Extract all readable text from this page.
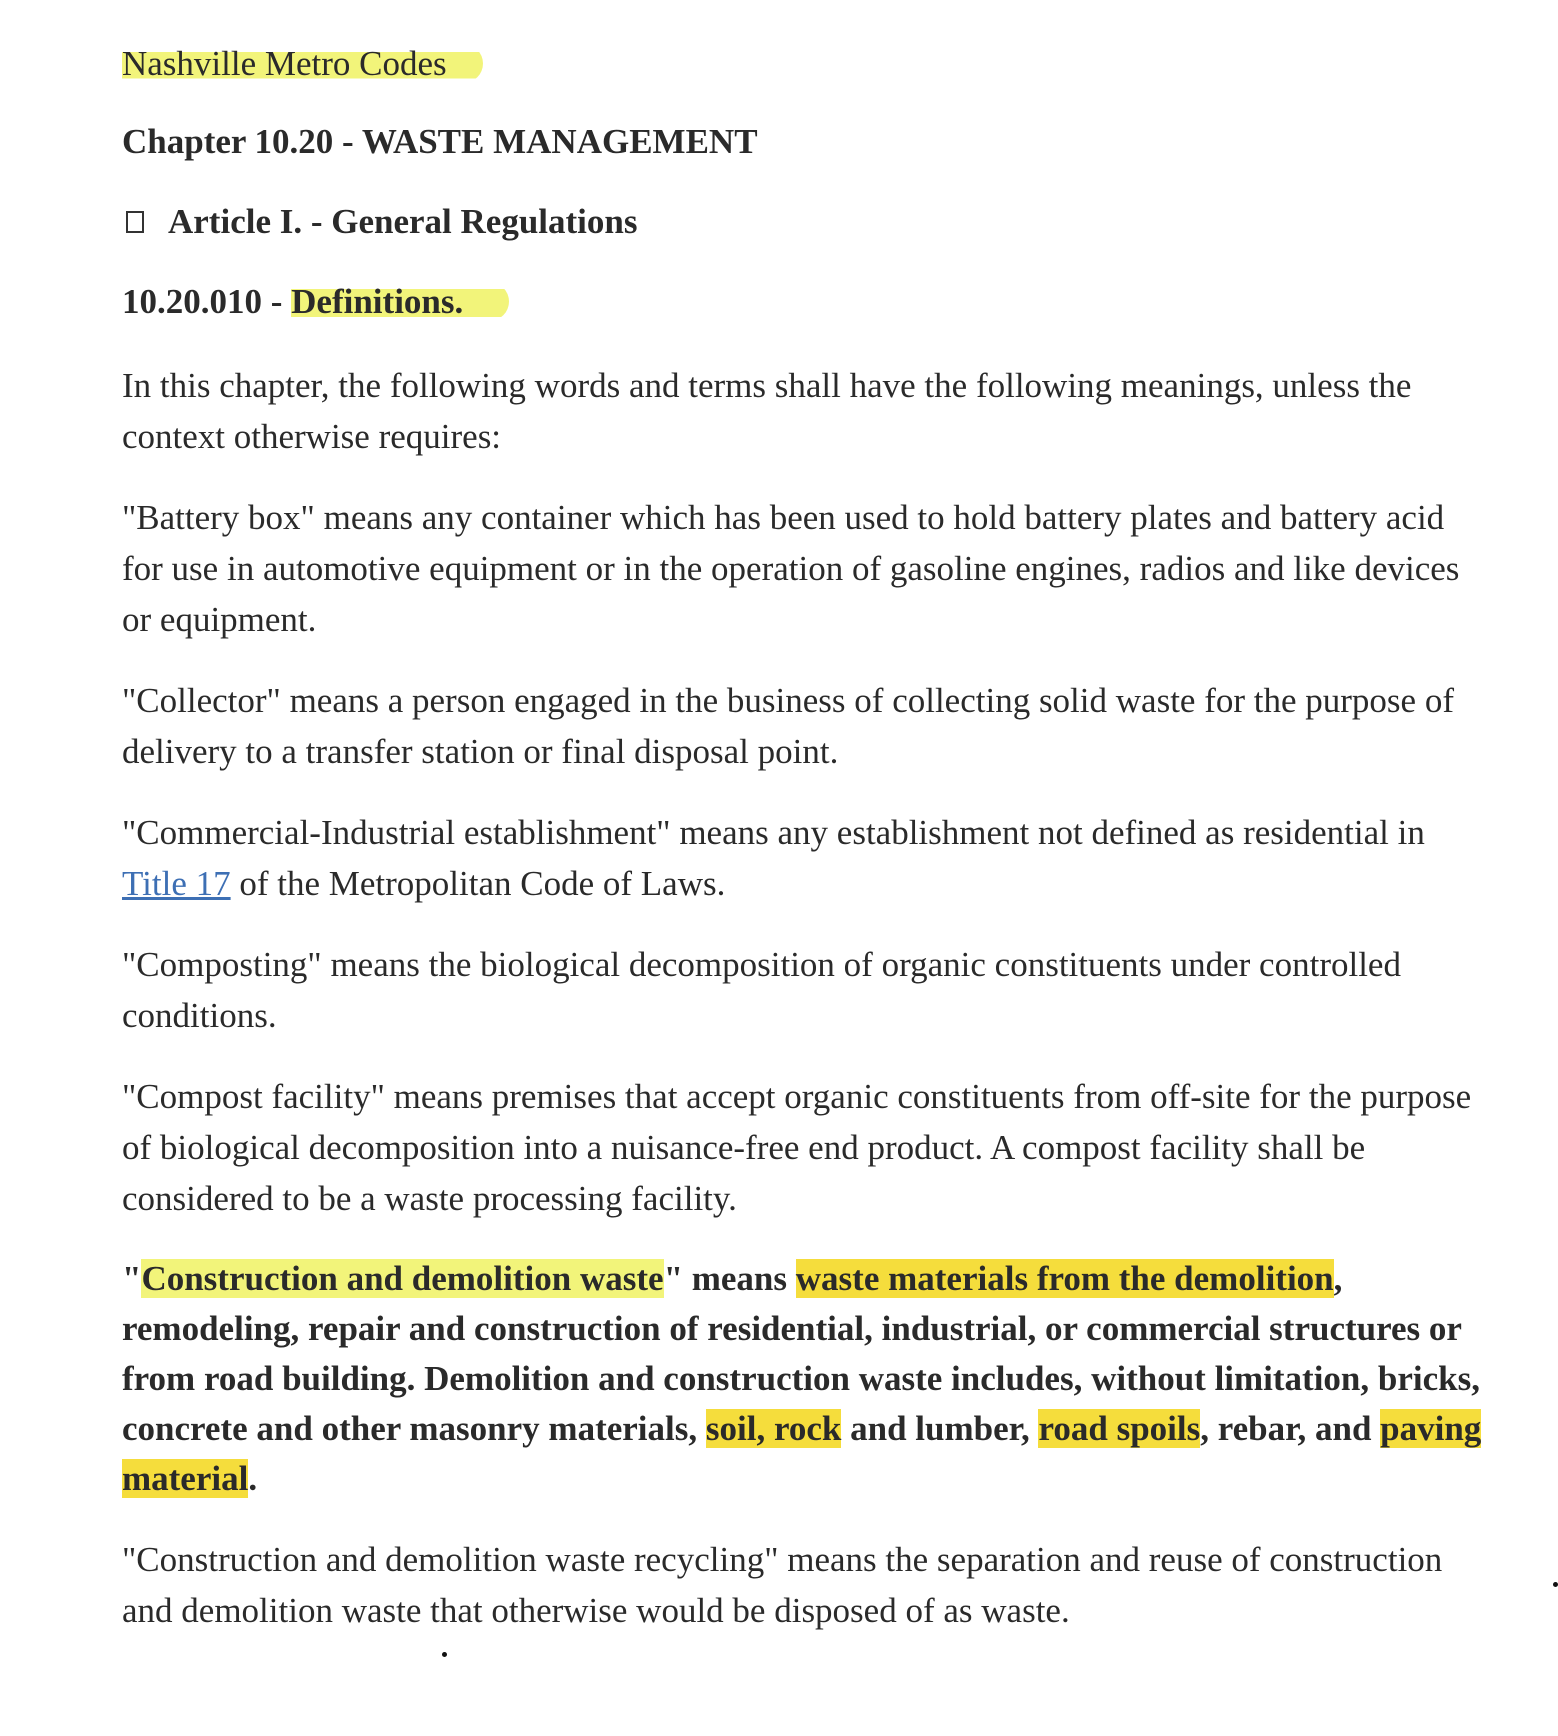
Nashville Metro Codes
Chapter 10.20 - WASTE MANAGEMENT
Article I. - General Regulations
10.20.010 - Definitions.

In this chapter, the following words and terms shall have the following meanings, unless the context otherwise requires:

"Battery box" means any container which has been used to hold battery plates and battery acid for use in automotive equipment or in the operation of gasoline engines, radios and like devices or equipment.

"Collector" means a person engaged in the business of collecting solid waste for the purpose of delivery to a transfer station or final disposal point.

"Commercial-Industrial establishment" means any establishment not defined as residential in Title 17 of the Metropolitan Code of Laws.

"Composting" means the biological decomposition of organic constituents under controlled conditions.

"Compost facility" means premises that accept organic constituents from off-site for the purpose of biological decomposition into a nuisance-free end product. A compost facility shall be considered to be a waste processing facility.

"Construction and demolition waste" means waste materials from the demolition, remodeling, repair and construction of residential, industrial, or commercial structures or from road building. Demolition and construction waste includes, without limitation, bricks, concrete and other masonry materials, soil, rock and lumber, road spoils, rebar, and paving material.

"Construction and demolition waste recycling" means the separation and reuse of construction and demolition waste that otherwise would be disposed of as waste.
